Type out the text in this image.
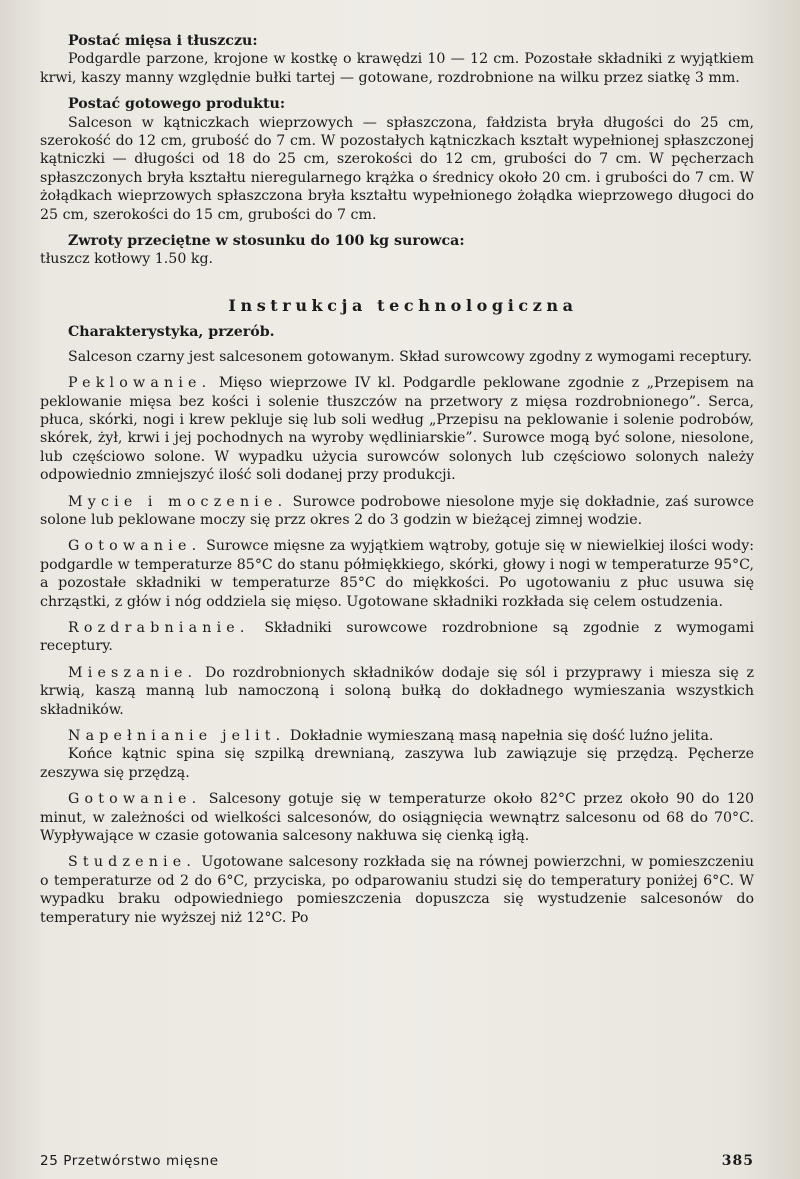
Postać mięsa i tłuszczu:

Podgardle parzone, krojone w kostkę o krawędzi 10 — 12 cm. Pozostałe składniki z wyjątkiem krwi, kaszy manny względnie bułki tartej — gotowane, rozdrobnione na wilku przez siatkę 3 mm.

Postać gotowego produktu:

Salceson w kątniczkach wieprzowych — spłaszczona, fałdzista bryła długości do 25 cm, szerokość do 12 cm, grubość do 7 cm. W pozostałych kątniczkach kształt wypełnionej spłaszczonej kątniczki — długości od 18 do 25 cm, szerokości do 12 cm, grubości do 7 cm. W pęcherzach spłaszczonych bryła kształtu nieregularnego krążka o średnicy około 20 cm. i grubości do 7 cm. W żołądkach wieprzowych spłaszczona bryła kształtu wypełnionego żołądka wieprzowego długoci do 25 cm, szerokości do 15 cm, grubości do 7 cm.

Zwroty przeciętne w stosunku do 100 kg surowca:

tłuszcz kotłowy 1.50 kg.

Instrukcja technologiczna
Charakterystyka, przerób.

Salceson czarny jest salcesonem gotowanym. Skład surowcowy zgodny z wymogami receptury.

Peklowanie. Mięso wieprzowe IV kl. Podgardle peklowane zgodnie z „Przepisem na peklowanie mięsa bez kości i solenie tłuszczów na przetwory z mięsa rozdrobnionego”. Serca, płuca, skórki, nogi i krew pekluje się lub soli według „Przepisu na peklowanie i solenie podrobów, skórek, żył, krwi i jej pochodnych na wyroby wędliniarskie”. Surowce mogą być solone, niesolone, lub częściowo solone. W wypadku użycia surowców solonych lub częściowo solonych należy odpowiednio zmniejszyć ilość soli dodanej przy produkcji.

Mycie i moczenie. Surowce podrobowe niesolone myje się dokładnie, zaś surowce solone lub peklowane moczy się przz okres 2 do 3 godzin w bieżącej zimnej wodzie.

Gotowanie. Surowce mięsne za wyjątkiem wątroby, gotuje się w niewielkiej ilości wody: podgardle w temperaturze 85°C do stanu półmiękkiego, skórki, głowy i nogi w temperaturze 95°C, a pozostałe składniki w temperaturze 85°C do miękkości. Po ugotowaniu z płuc usuwa się chrząstki, z głów i nóg oddziela się mięso. Ugotowane składniki rozkłada się celem ostudzenia.

Rozdrabnianie. Składniki surowcowe rozdrobnione są zgodnie z wymogami receptury.

Mieszanie. Do rozdrobnionych składników dodaje się sól i przyprawy i miesza się z krwią, kaszą manną lub namoczoną i soloną bułką do dokładnego wymieszania wszystkich składników.

Napełnianie jelit. Dokładnie wymieszaną masą napełnia się dość luźno jelita.

Końce kątnic spina się szpilką drewnianą, zaszywa lub zawiązuje się przędzą. Pęcherze zeszywa się przędzą.

Gotowanie. Salcesony gotuje się w temperaturze około 82°C przez około 90 do 120 minut, w zależności od wielkości salcesonów, do osiągnięcia wewnątrz salcesonu od 68 do 70°C. Wypływające w czasie gotowania salcesony nakłuwa się cienką igłą.

Studzenie. Ugotowane salcesony rozkłada się na równej powierzchni, w pomieszczeniu o temperaturze od 2 do 6°C, przyciska, po odparowaniu studzi się do temperatury poniżej 6°C. W wypadku braku odpowiedniego pomieszczenia dopuszcza się wystudzenie salcesonów do temperatury nie wyższej niż 12°C. Po

25 Przetwórstwo mięsne	385
